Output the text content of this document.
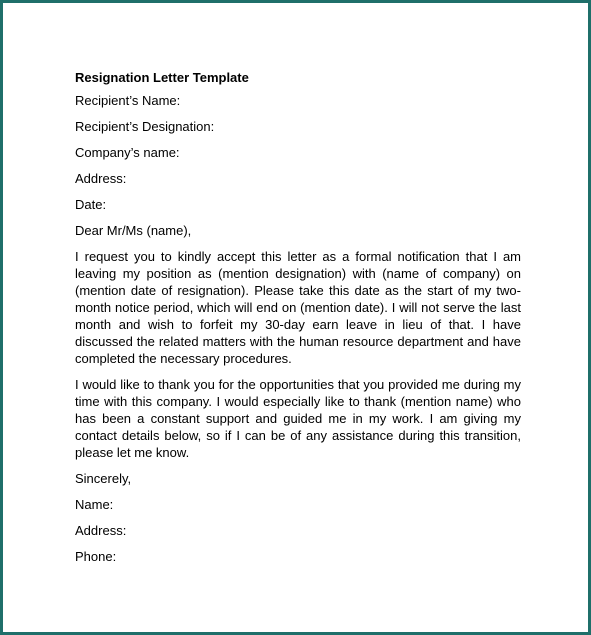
Resignation Letter Template
Recipient’s Name:
Recipient’s Designation:
Company’s name:
Address:
Date:
Dear Mr/Ms (name),

I request you to kindly accept this letter as a formal notification that I am leaving my position as (mention designation) with (name of company) on (mention date of resignation). Please take this date as the start of my two-month notice period, which will end on (mention date). I will not serve the last month and wish to forfeit my 30-day earn leave in lieu of that. I have discussed the related matters with the human resource department and have completed the necessary procedures.

I would like to thank you for the opportunities that you provided me during my time with this company. I would especially like to thank (mention name) who has been a constant support and guided me in my work. I am giving my contact details below, so if I can be of any assistance during this transition, please let me know.

Sincerely,
Name:
Address:
Phone:
